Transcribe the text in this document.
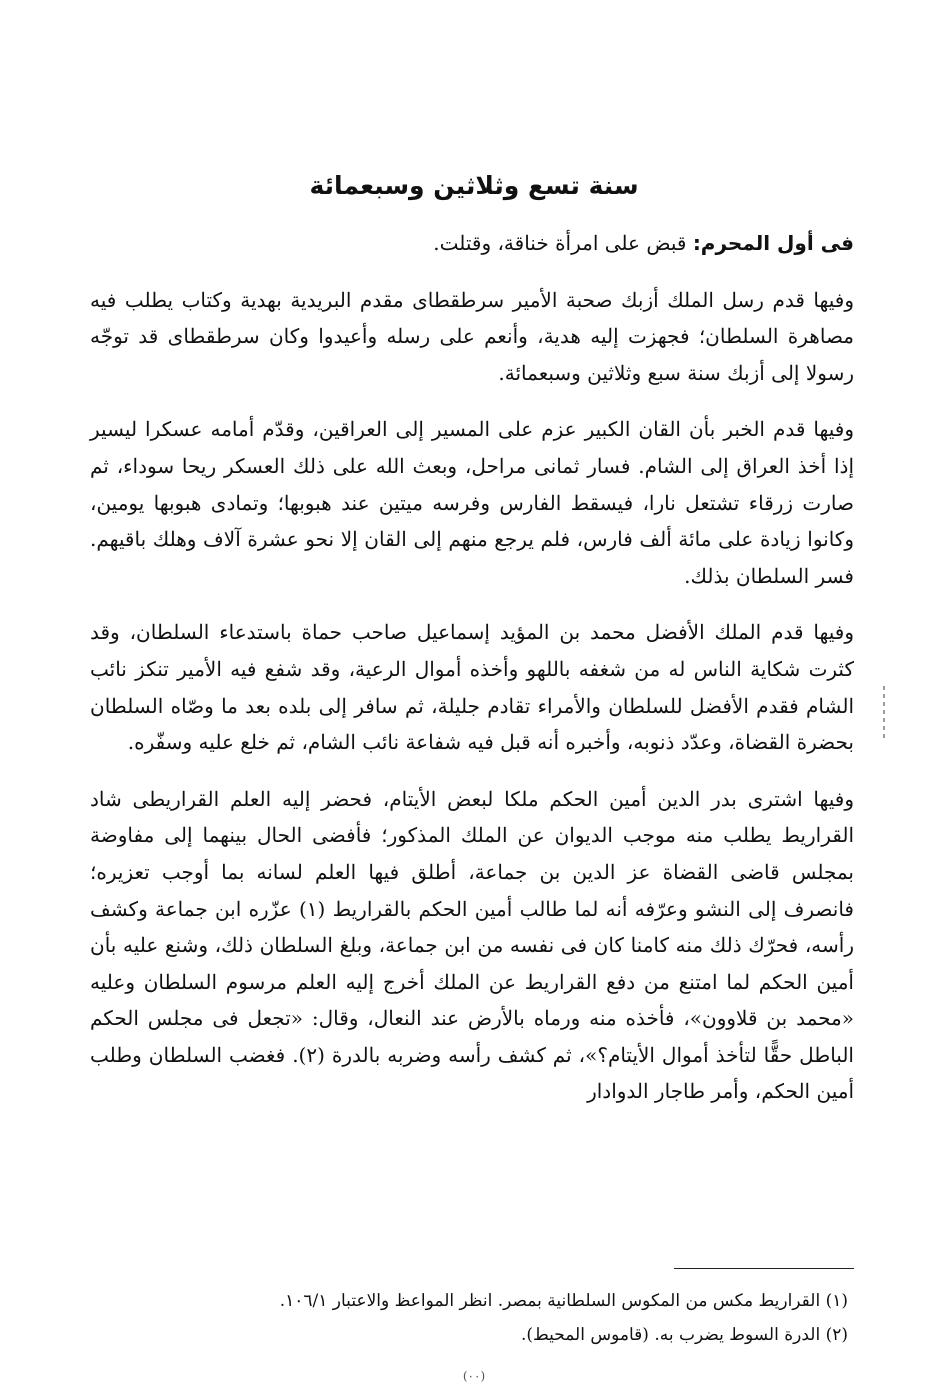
سنة تسع وثلاثين وسبعمائة

فى أول المحرم: قبض على امرأة خناقة، وقتلت.

وفيها قدم رسل الملك أزبك صحبة الأمير سرطقطاى مقدم البريدية بهدية وكتاب يطلب فيه مصاهرة السلطان؛ فجهزت إليه هدية، وأنعم على رسله وأعيدوا وكان سرطقطاى قد توجّه رسولا إلى أزبك سنة سبع وثلاثين وسبعمائة.

وفيها قدم الخبر بأن القان الكبير عزم على المسير إلى العراقين، وقدّم أمامه عسكرا ليسير إذا أخذ العراق إلى الشام. فسار ثمانى مراحل، وبعث الله على ذلك العسكر ريحا سوداء، ثم صارت زرقاء تشتعل نارا، فيسقط الفارس وفرسه ميتين عند هبوبها؛ وتمادى هبوبها يومين، وكانوا زيادة على مائة ألف فارس، فلم يرجع منهم إلى القان إلا نحو عشرة آلاف وهلك باقيهم. فسر السلطان بذلك.

وفيها قدم الملك الأفضل محمد بن المؤيد إسماعيل صاحب حماة باستدعاء السلطان، وقد كثرت شكاية الناس له من شغفه باللهو وأخذه أموال الرعية، وقد شفع فيه الأمير تنكز نائب الشام فقدم الأفضل للسلطان والأمراء تقادم جليلة، ثم سافر إلى بلده بعد ما وصّاه السلطان بحضرة القضاة، وعدّد ذنوبه، وأخبره أنه قبل فيه شفاعة نائب الشام، ثم خلع عليه وسفّره.

وفيها اشترى بدر الدين أمين الحكم ملكا لبعض الأيتام، فحضر إليه العلم القراريطى شاد القراريط يطلب منه موجب الديوان عن الملك المذكور؛ فأفضى الحال بينهما إلى مفاوضة بمجلس قاضى القضاة عز الدين بن جماعة، أطلق فيها العلم لسانه بما أوجب تعزيره؛ فانصرف إلى النشو وعرّفه أنه لما طالب أمين الحكم بالقراريط (١) عزّره ابن جماعة وكشف رأسه، فحرّك ذلك منه كامنا كان فى نفسه من ابن جماعة، وبلغ السلطان ذلك، وشنع عليه بأن أمين الحكم لما امتنع من دفع القراريط عن الملك أخرج إليه العلم مرسوم السلطان وعليه «محمد بن قلاوون»، فأخذه منه ورماه بالأرض عند النعال، وقال: «تجعل فى مجلس الحكم الباطل حقًّا لتأخذ أموال الأيتام؟»، ثم كشف رأسه وضربه بالدرة (٢). فغضب السلطان وطلب أمين الحكم، وأمر طاجار الدوادار

(١) القراريط مكس من المكوس السلطانية بمصر. انظر المواعظ والاعتبار ١٠٦/١.

(٢) الدرة السوط يضرب به. (قاموس المحيط).

(٠٠)
